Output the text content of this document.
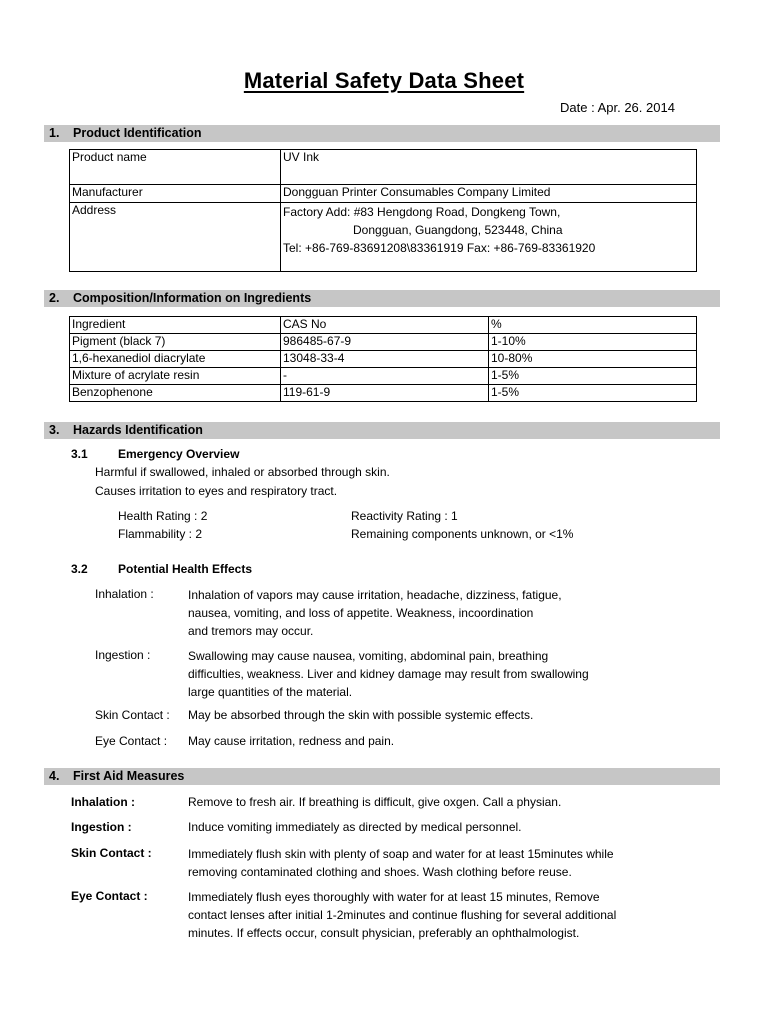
Material Safety Data Sheet
Date : Apr. 26. 2014
1. Product Identification
Product name	UV Ink
Manufacturer	Dongguan Printer Consumables Company Limited
Address	Factory Add: #83 Hengdong Road, Dongkeng Town,
Dongguan, Guangdong, 523448, China
Tel: +86-769-83691208\83361919 Fax: +86-769-83361920
2. Composition/Information on Ingredients
Ingredient	CAS No	%
Pigment (black 7)	986485-67-9	1-10%
1,6-hexanediol diacrylate	13048-33-4	10-80%
Mixture of acrylate resin	-	1-5%
Benzophenone	119-61-9	1-5%
3. Hazards Identification
3.1	Emergency Overview
Harmful if swallowed, inhaled or absorbed through skin.
Causes irritation to eyes and respiratory tract.
Health Rating : 2	Reactivity Rating : 1
Flammability : 2	Remaining components unknown, or <1%
3.2	Potential Health Effects
Inhalation :	Inhalation of vapors may cause irritation, headache, dizziness, fatigue,
nausea, vomiting, and loss of appetite. Weakness, incoordination
and tremors may occur.
Ingestion :	Swallowing may cause nausea, vomiting, abdominal pain, breathing
difficulties, weakness. Liver and kidney damage may result from swallowing
large quantities of the material.
Skin Contact : May be absorbed through the skin with possible systemic effects.
Eye Contact : May cause irritation, redness and pain.
4. First Aid Measures
Inhalation :	Remove to fresh air. If breathing is difficult, give oxgen. Call a physian.
Ingestion :	Induce vomiting immediately as directed by medical personnel.
Skin Contact :	Immediately flush skin with plenty of soap and water for at least 15minutes while
removing contaminated clothing and shoes. Wash clothing before reuse.
Eye Contact :	Immediately flush eyes thoroughly with water for at least 15 minutes, Remove
contact lenses after initial 1-2minutes and continue flushing for several additional
minutes. If effects occur, consult physician, preferably an ophthalmologist.
